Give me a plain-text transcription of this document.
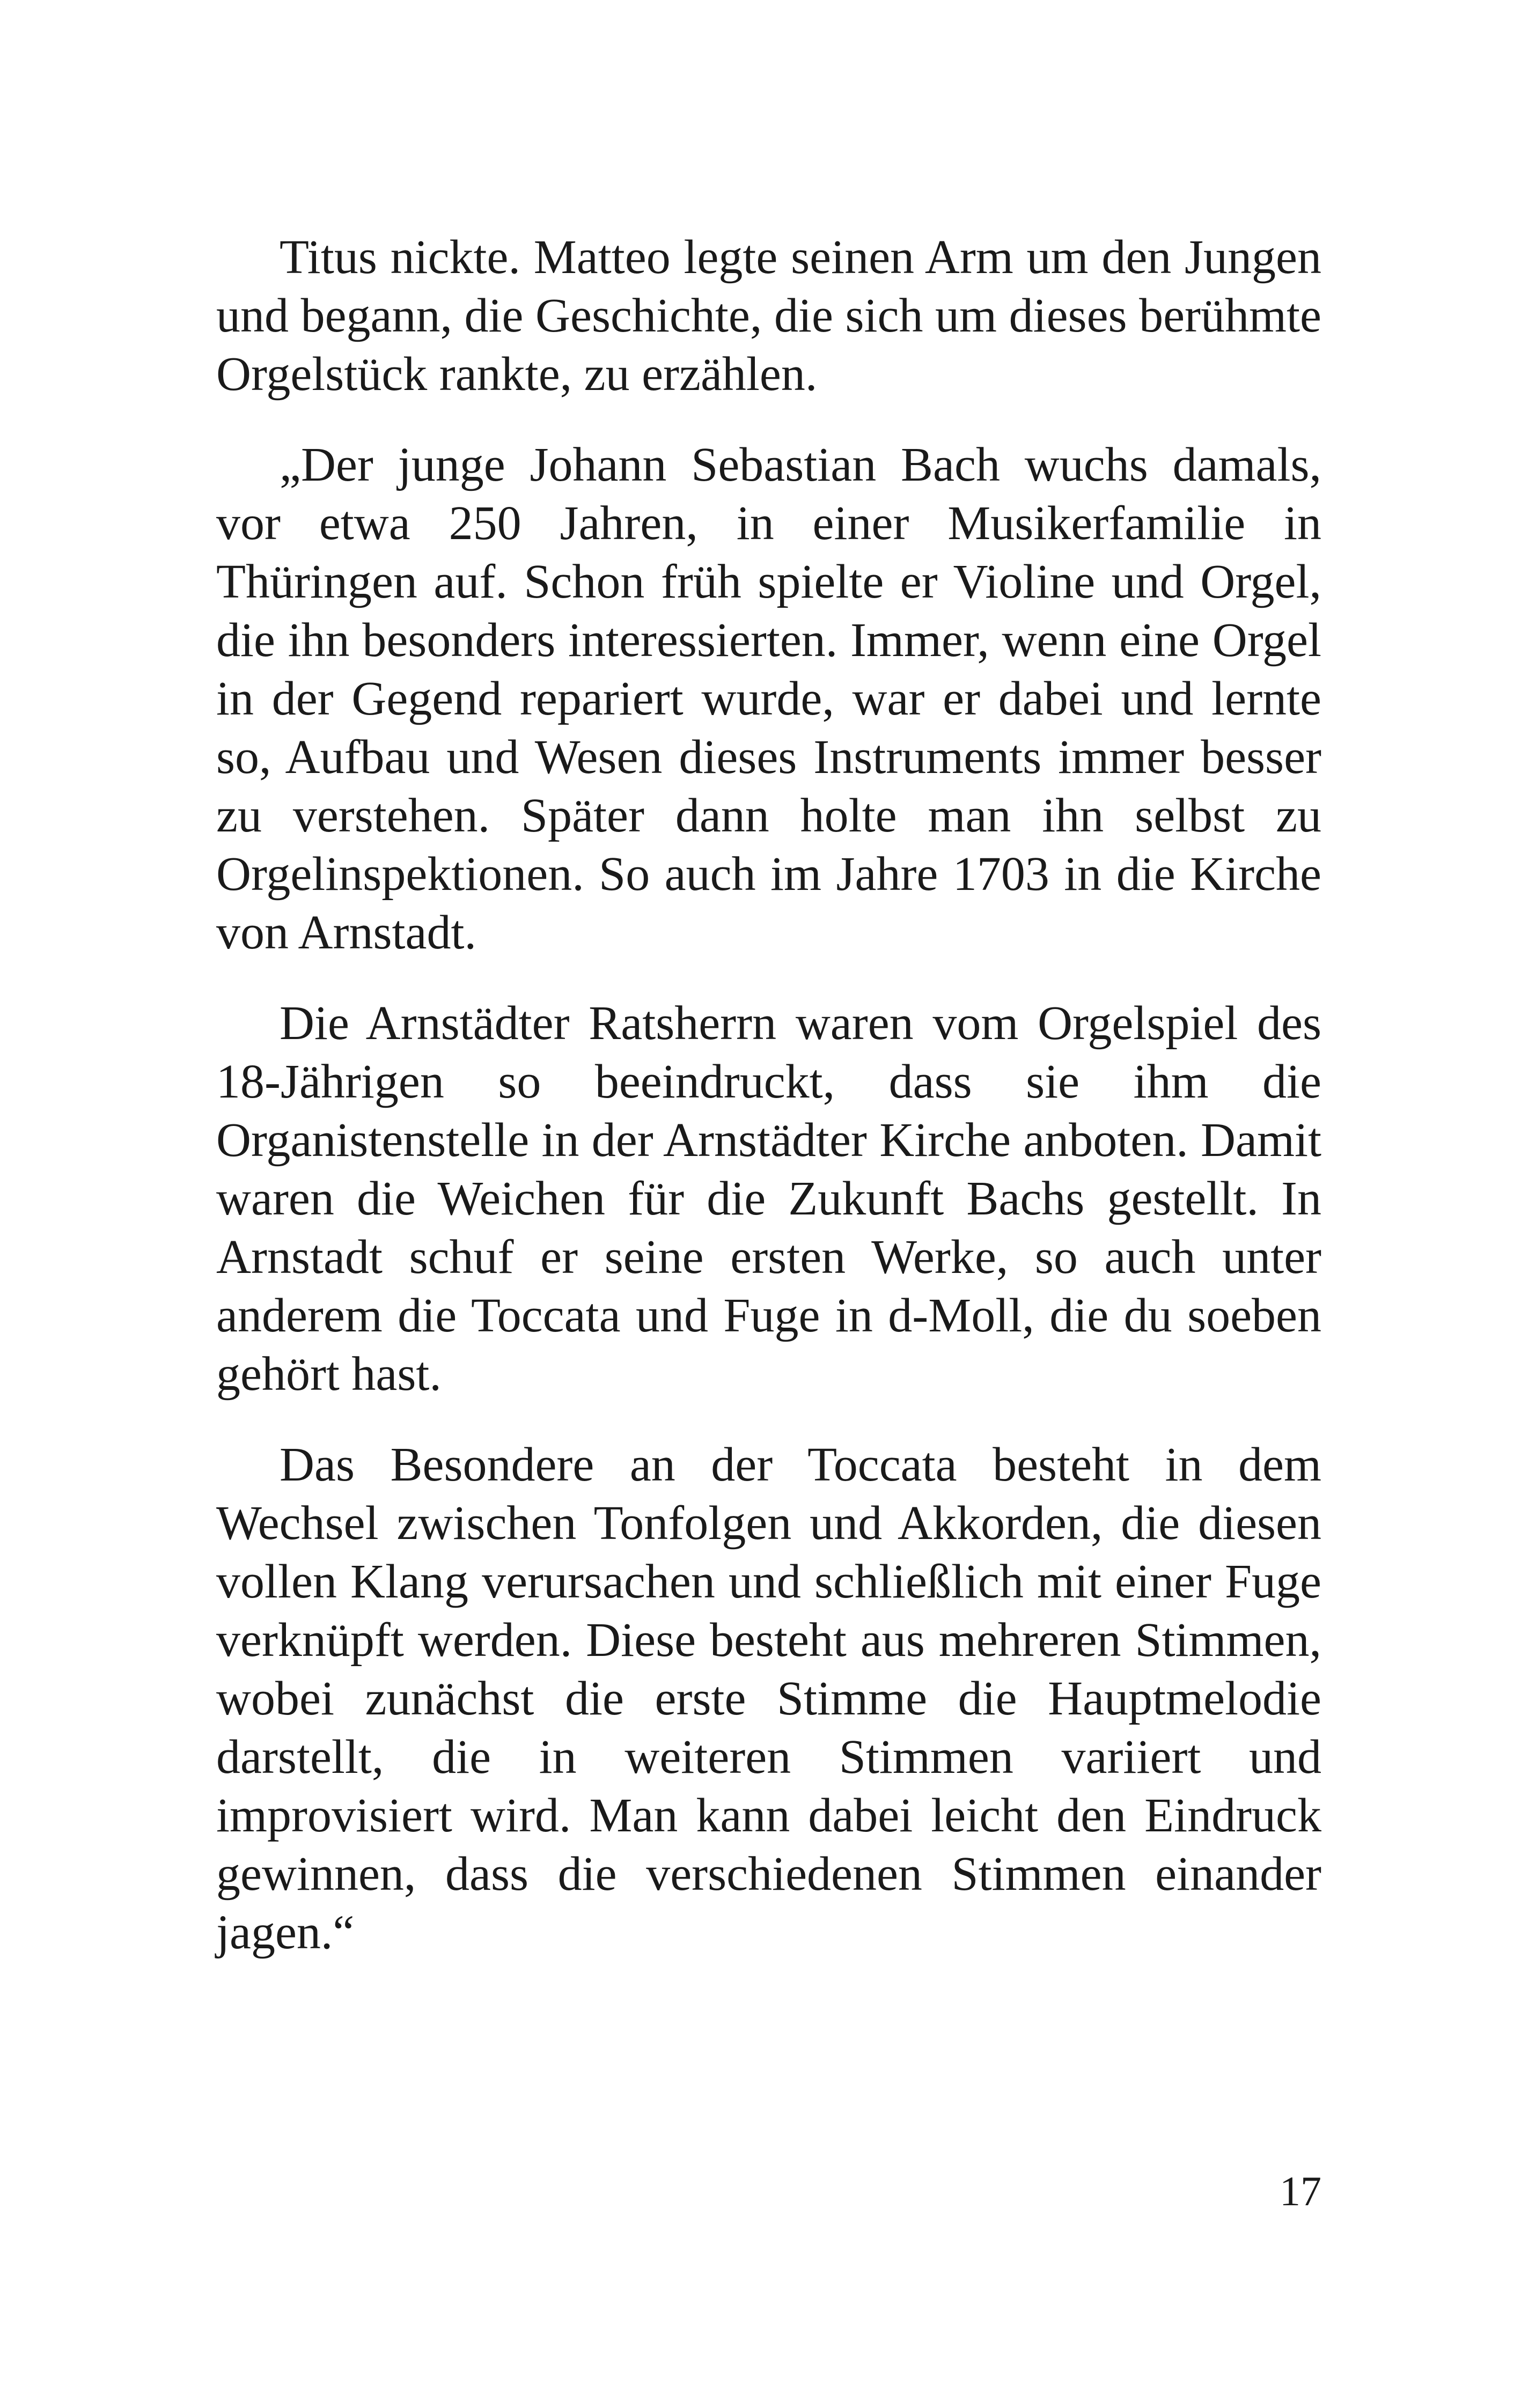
Titus nickte. Matteo legte seinen Arm um den Jungen und begann, die Geschichte, die sich um dieses berühmte Orgelstück rankte, zu erzählen.

„Der junge Johann Sebastian Bach wuchs damals, vor etwa 250 Jahren, in einer Musikerfamilie in Thüringen auf. Schon früh spielte er Violine und Orgel, die ihn besonders interessierten. Immer, wenn eine Orgel in der Gegend repariert wurde, war er dabei und lernte so, Aufbau und Wesen dieses Instruments immer besser zu verstehen. Später dann holte man ihn selbst zu Orgelinspektionen. So auch im Jahre 1703 in die Kirche von Arnstadt.

Die Arnstädter Ratsherrn waren vom Orgelspiel des 18-Jährigen so beeindruckt, dass sie ihm die Organistenstelle in der Arnstädter Kirche anboten. Damit waren die Weichen für die Zukunft Bachs gestellt. In Arnstadt schuf er seine ersten Werke, so auch unter anderem die Toccata und Fuge in d-Moll, die du soeben gehört hast.

Das Besondere an der Toccata besteht in dem Wechsel zwischen Tonfolgen und Akkorden, die diesen vollen Klang verursachen und schließlich mit einer Fuge verknüpft werden. Diese besteht aus mehreren Stimmen, wobei zunächst die erste Stimme die Hauptmelodie darstellt, die in weiteren Stimmen variiert und improvisiert wird. Man kann dabei leicht den Eindruck gewinnen, dass die verschiedenen Stimmen einander jagen.“

17
